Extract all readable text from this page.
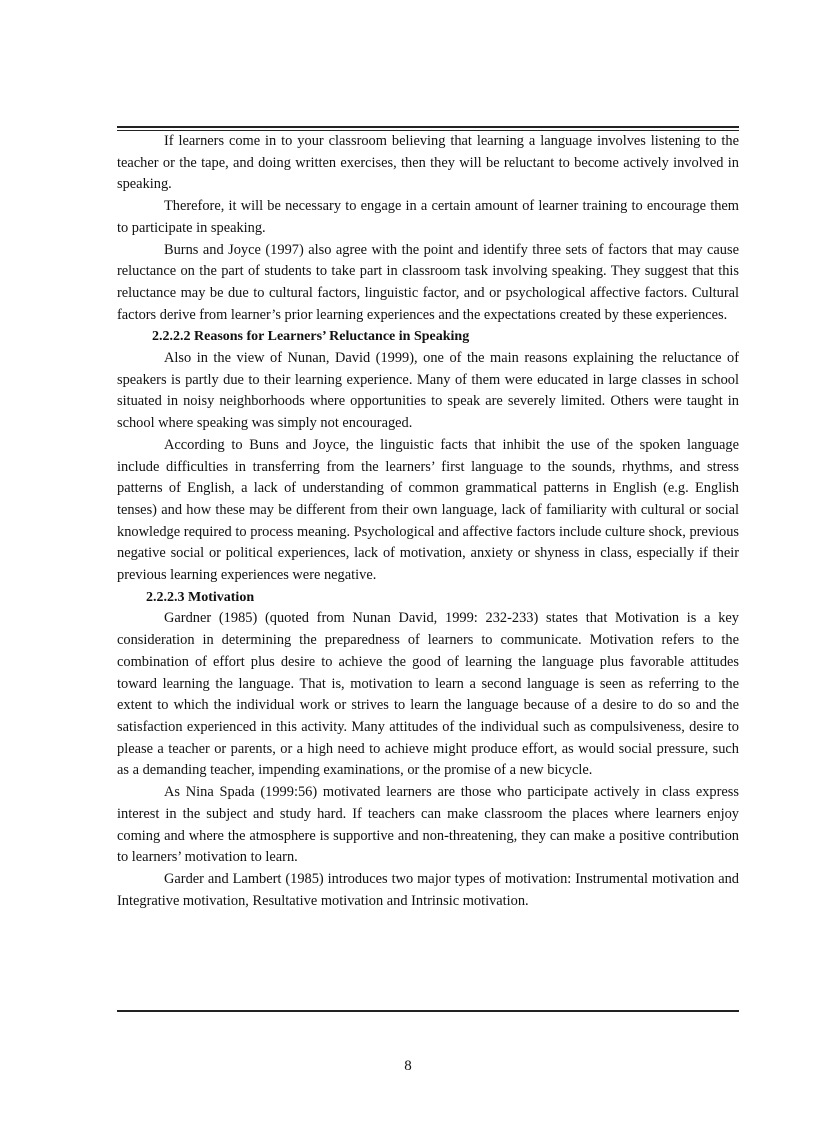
If learners come in to your classroom believing that learning a language involves listening to the teacher or the tape, and doing written exercises, then they will be reluctant to become actively involved in speaking.

Therefore, it will be necessary to engage in a certain amount of learner training to encourage them to participate in speaking.

Burns and Joyce (1997) also agree with the point and identify three sets of factors that may cause reluctance on the part of students to take part in classroom task involving speaking. They suggest that this reluctance may be due to cultural factors, linguistic factor, and or psychological affective factors. Cultural factors derive from learner’s prior learning experiences and the expectations created by these experiences.

2.2.2.2 Reasons for Learners’ Reluctance in Speaking

Also in the view of Nunan, David (1999), one of the main reasons explaining the reluctance of speakers is partly due to their learning experience. Many of them were educated in large classes in school situated in noisy neighborhoods where opportunities to speak are severely limited. Others were taught in school where speaking was simply not encouraged.

According to Buns and Joyce, the linguistic facts that inhibit the use of the spoken language include difficulties in transferring from the learners’ first language to the sounds, rhythms, and stress patterns of English, a lack of understanding of common grammatical patterns in English (e.g. English tenses) and how these may be different from their own language, lack of familiarity with cultural or social knowledge required to process meaning. Psychological and affective factors include culture shock, previous negative social or political experiences, lack of motivation, anxiety or shyness in class, especially if their previous learning experiences were negative.

2.2.2.3 Motivation

Gardner (1985) (quoted from Nunan David, 1999: 232-233) states that Motivation is a key consideration in determining the preparedness of learners to communicate. Motivation refers to the combination of effort plus desire to achieve the good of learning the language plus favorable attitudes toward learning the language. That is, motivation to learn a second language is seen as referring to the extent to which the individual work or strives to learn the language because of a desire to do so and the satisfaction experienced in this activity. Many attitudes of the individual such as compulsiveness, desire to please a teacher or parents, or a high need to achieve might produce effort, as would social pressure, such as a demanding teacher, impending examinations, or the promise of a new bicycle.

As Nina Spada (1999:56) motivated learners are those who participate actively in class express interest in the subject and study hard. If teachers can make classroom the places where learners enjoy coming and where the atmosphere is supportive and non-threatening, they can make a positive contribution to learners’ motivation to learn.

Garder and Lambert (1985) introduces two major types of motivation: Instrumental motivation and Integrative motivation, Resultative motivation and Intrinsic motivation.

8
